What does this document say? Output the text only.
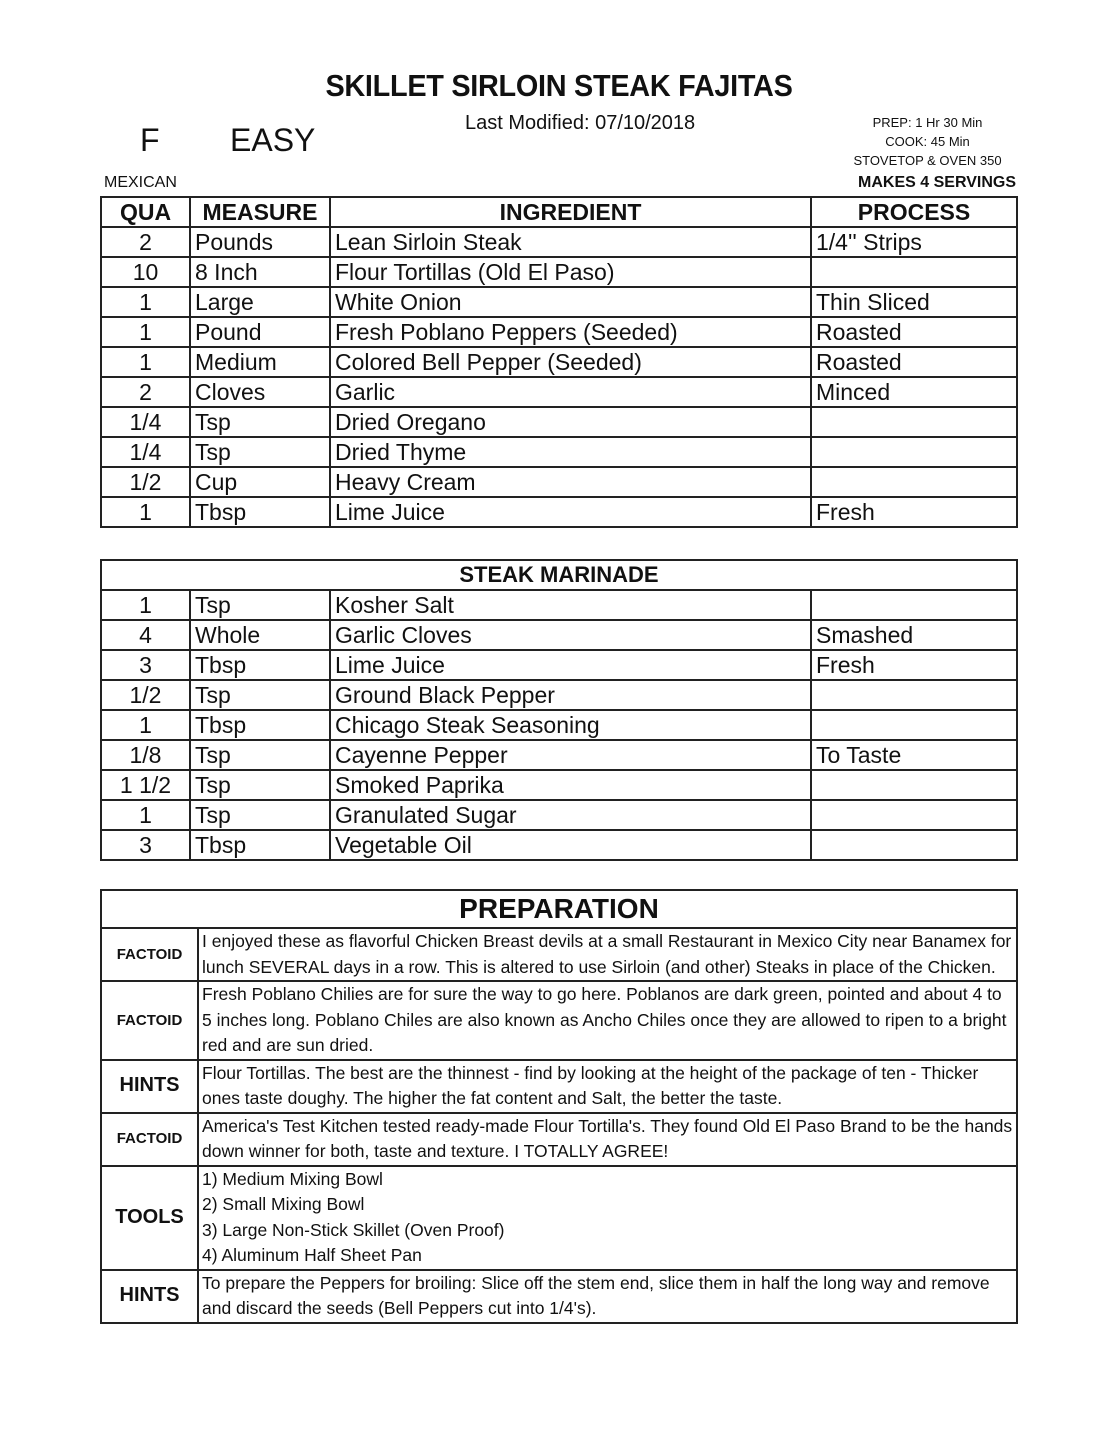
SKILLET SIRLOIN STEAK FAJITAS
F EASY	Last Modified: 07/10/2018	PREP: 1 Hr 30 Min
COOK: 45 Min
STOVETOP & OVEN 350
MEXICAN	MAKES 4 SERVINGS
QUA	MEASURE	INGREDIENT	PROCESS
2	Pounds	Lean Sirloin Steak	1/4'' Strips
10	8 Inch	Flour Tortillas (Old El Paso)	
1	Large	White Onion	Thin Sliced
1	Pound	Fresh Poblano Peppers (Seeded)	Roasted
1	Medium	Colored Bell Pepper (Seeded)	Roasted
2	Cloves	Garlic	Minced
1/4	Tsp	Dried Oregano	
1/4	Tsp	Dried Thyme	
1/2	Cup	Heavy Cream	
1	Tbsp	Lime Juice	Fresh
STEAK MARINADE			
1	Tsp	Kosher Salt	
4	Whole	Garlic Cloves	Smashed
3	Tbsp	Lime Juice	Fresh
1/2	Tsp	Ground Black Pepper	
1	Tbsp	Chicago Steak Seasoning	
1/8	Tsp	Cayenne Pepper	To Taste
1 1/2	Tsp	Smoked Paprika	
1	Tsp	Granulated Sugar	
3	Tbsp	Vegetable Oil	
PREPARATION	
FACTOID	I enjoyed these as flavorful Chicken Breast devils at a small Restaurant in Mexico City near Banamex for lunch SEVERAL days in a row. This is altered to use Sirloin (and other) Steaks in place of the Chicken.
FACTOID	Fresh Poblano Chilies are for sure the way to go here. Poblanos are dark green, pointed and about 4 to 5 inches long. Poblano Chiles are also known as Ancho Chiles once they are allowed to ripen to a bright red and are sun dried.
HINTS	Flour Tortillas. The best are the thinnest - find by looking at the height of the package of ten - Thicker ones taste doughy. The higher the fat content and Salt, the better the taste.
FACTOID	America's Test Kitchen tested ready-made Flour Tortilla's. They found Old El Paso Brand to be the hands down winner for both, taste and texture. I TOTALLY AGREE!
TOOLS	1) Medium Mixing Bowl
2) Small Mixing Bowl
3) Large Non-Stick Skillet (Oven Proof)
4) Aluminum Half Sheet Pan

HINTS	To prepare the Peppers for broiling: Slice off the stem end, slice them in half the long way and remove and discard the seeds (Bell Peppers cut into 1/4's).
